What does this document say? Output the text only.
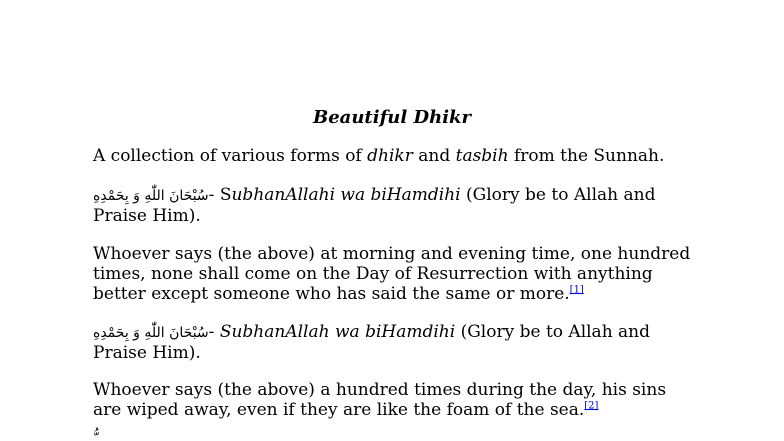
Beautiful Dhikr

A collection of various forms of dhikr and tasbih from the Sunnah.

سُبْحَانَ اللّٰهِ وَ بِحَمْدِهِ- SubhanAllahi wa biHamdihi (Glory be to Allah and Praise Him).

Whoever says (the above) at morning and evening time, one hundred times, none shall come on the Day of Resurrection with anything better except someone who has said the same or more.[1]

سُبْحَانَ اللّٰهِ وَ بِحَمْدِهِ- SubhanAllah wa biHamdihi (Glory be to Allah and Praise Him).

Whoever says (the above) a hundred times during the day, his sins are wiped away, even if they are like the foam of the sea.[2]

ّ ُ
